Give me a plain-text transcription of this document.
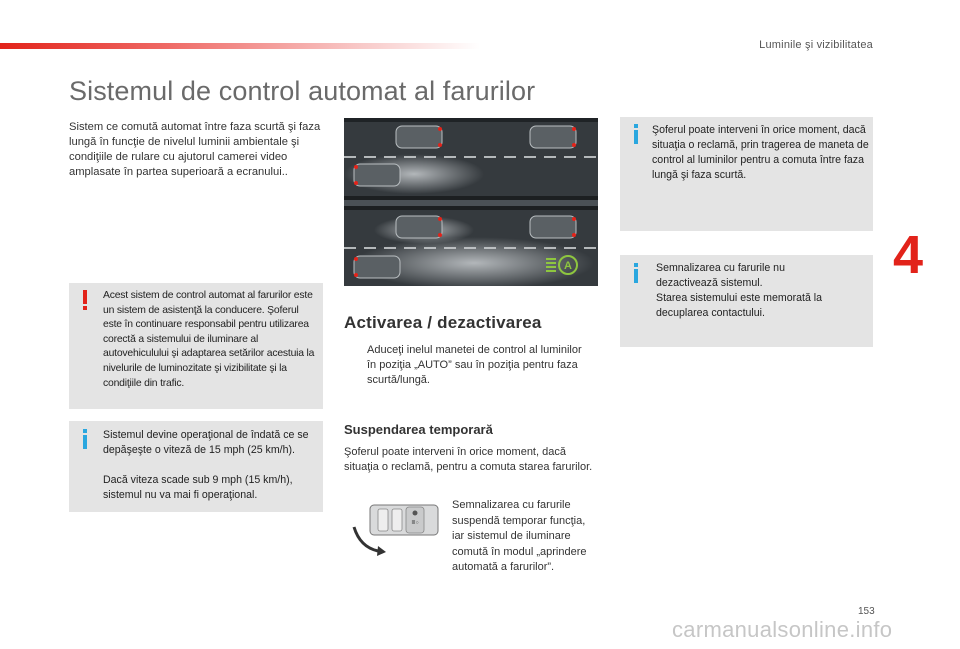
Luminile şi vizibilitatea
Sistemul de control automat al farurilor

Sistem ce comută automat între faza scurtă şi faza lungă în funcţie de nivelul luminii ambientale şi condiţiile de rulare cu ajutorul camerei video amplasate în partea superioară a ecranului..

Acest sistem de control automat al farurilor este un sistem de asistenţă la conducere. Şoferul este în continuare responsabil pentru utilizarea corectă a sistemului de iluminare al autovehiculului şi adaptarea setărilor acestuia la nivelurile de luminozitate şi vizibilitate şi la condiţiile din trafic.

Sistemul devine operaţional de îndată ce se depăşeşte o viteză de 15 mph (25 km/h).

Dacă viteza scade sub 9 mph (15 km/h), sistemul nu va mai fi operaţional.

A
Activarea / dezactivarea

Aduceţi inelul manetei de control al luminilor în poziţia „AUTO” sau în poziţia pentru faza scurtă/lungă.

Suspendarea temporară

Şoferul poate interveni în orice moment, dacă situaţia o reclamă, pentru a comuta starea farurilor.

≣○

Semnalizarea cu farurile suspendă temporar funcţia, iar sistemul de iluminare comută în modul „aprindere automată a farurilor”.

Şoferul poate interveni în orice moment, dacă situaţia o reclamă, prin tragerea de maneta de control al luminilor pentru a comuta între faza lungă şi faza scurtă.

Semnalizarea cu farurile nu dezactivează sistemul.

Starea sistemului este memorată la decuplarea contactului.

4
153
carmanualsonline.info
